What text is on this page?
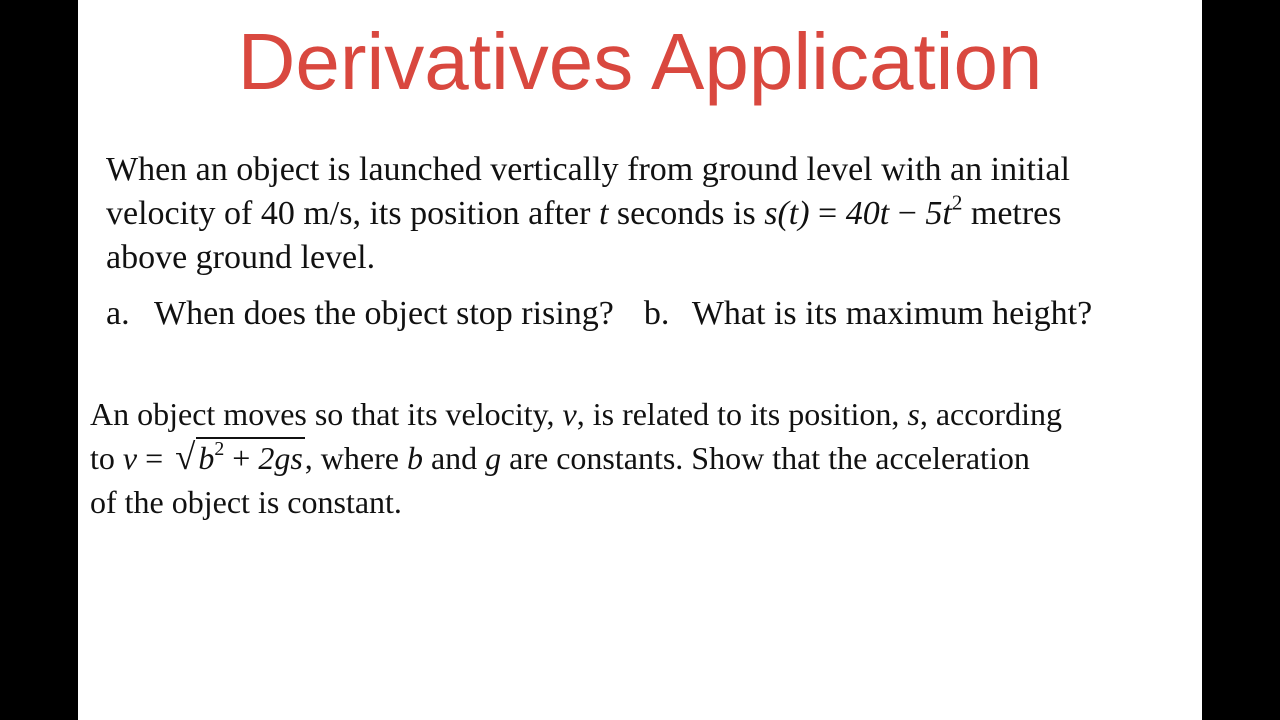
Derivatives Application

When an object is launched vertically from ground level with an initial
velocity of 40 m/s, its position after t seconds is $s(t) = 40t - 5t^2$ metres
above ground level.

a. When does the object stop rising? b. What is its maximum height?

An object moves so that its velocity, v, is related to its position, s, according
to $v = √b^2 + 2gs$, where b and g are constants. Show that the acceleration
of the object is constant.
